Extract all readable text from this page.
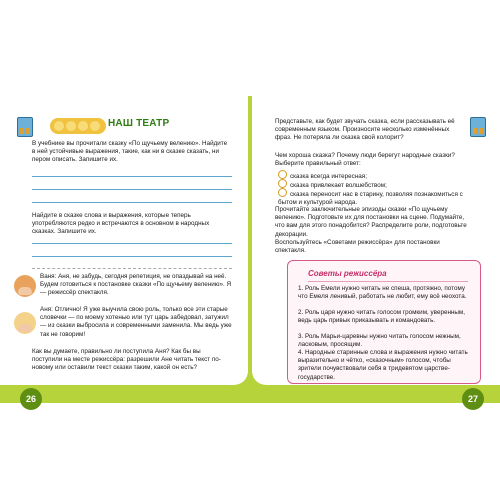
НАШ ТЕАТР
В учебнике вы прочитали сказку «По щучьему велению». Найдите в ней устойчивые выражения, такие, как ни в сказке сказать, ни пером описать. Запишите их.
Найдите в сказке слова и выражения, которые теперь употребляются редко и встречаются в основном в народных сказках. Запишите их.
Ваня: Аня, не забудь, сегодня репетиция, не опаздывай на неё. Будем готовиться к постановке сказки «По щучьему велению». Я — режиссёр спектакля.
Аня: Отлично! Я уже выучила свою роль, только все эти старые словечки — по моему хотенью или тут царь забедовал, затужил — из сказки выбросила и современными заменила. Мы ведь уже так не говорим!
Как вы думаете, правильно ли поступила Аня? Как бы вы поступили на месте режиссёра: разрешили Ане читать текст по-новому или оставили текст сказки таким, какой он есть?
26
Представьте, как будет звучать сказка, если рассказывать её современным языком. Произносите несколько изменённых фраз. Не потеряла ли сказка свой колорит?
Чем хороша сказка? Почему люди берегут народные сказки? Выберите правильный ответ:
сказка всегда интересная;
сказка привлекает волшебством;
сказка переносит нас в старину, позволяя познакомиться с бытом и культурой народа.
Прочитайте заключительные эпизоды сказки «По щучьему велению». Подготовьте их для постановки на сцене. Подумайте, что вам для этого понадобится? Распределите роли, подготовьте декорации.
Воспользуйтесь «Советами режиссёра» для постановки спектакля.
Советы режиссёра
1. Роль Емели нужно читать не спеша, протяжно, потому что Емеля ленивый, работать не любит, ему всё неохота.
2. Роль царя нужно читать голосом громким, уверенным, ведь царь привык приказывать и командовать.
3. Роль Марьи-царевны нужно читать голосом нежным, ласковым, просящим.
4. Народные старинные слова и выражения нужно читать выразительно и чётко, «сказочным» голосом, чтобы зрители почувствовали себя в тридевятом царстве-государстве.
27
